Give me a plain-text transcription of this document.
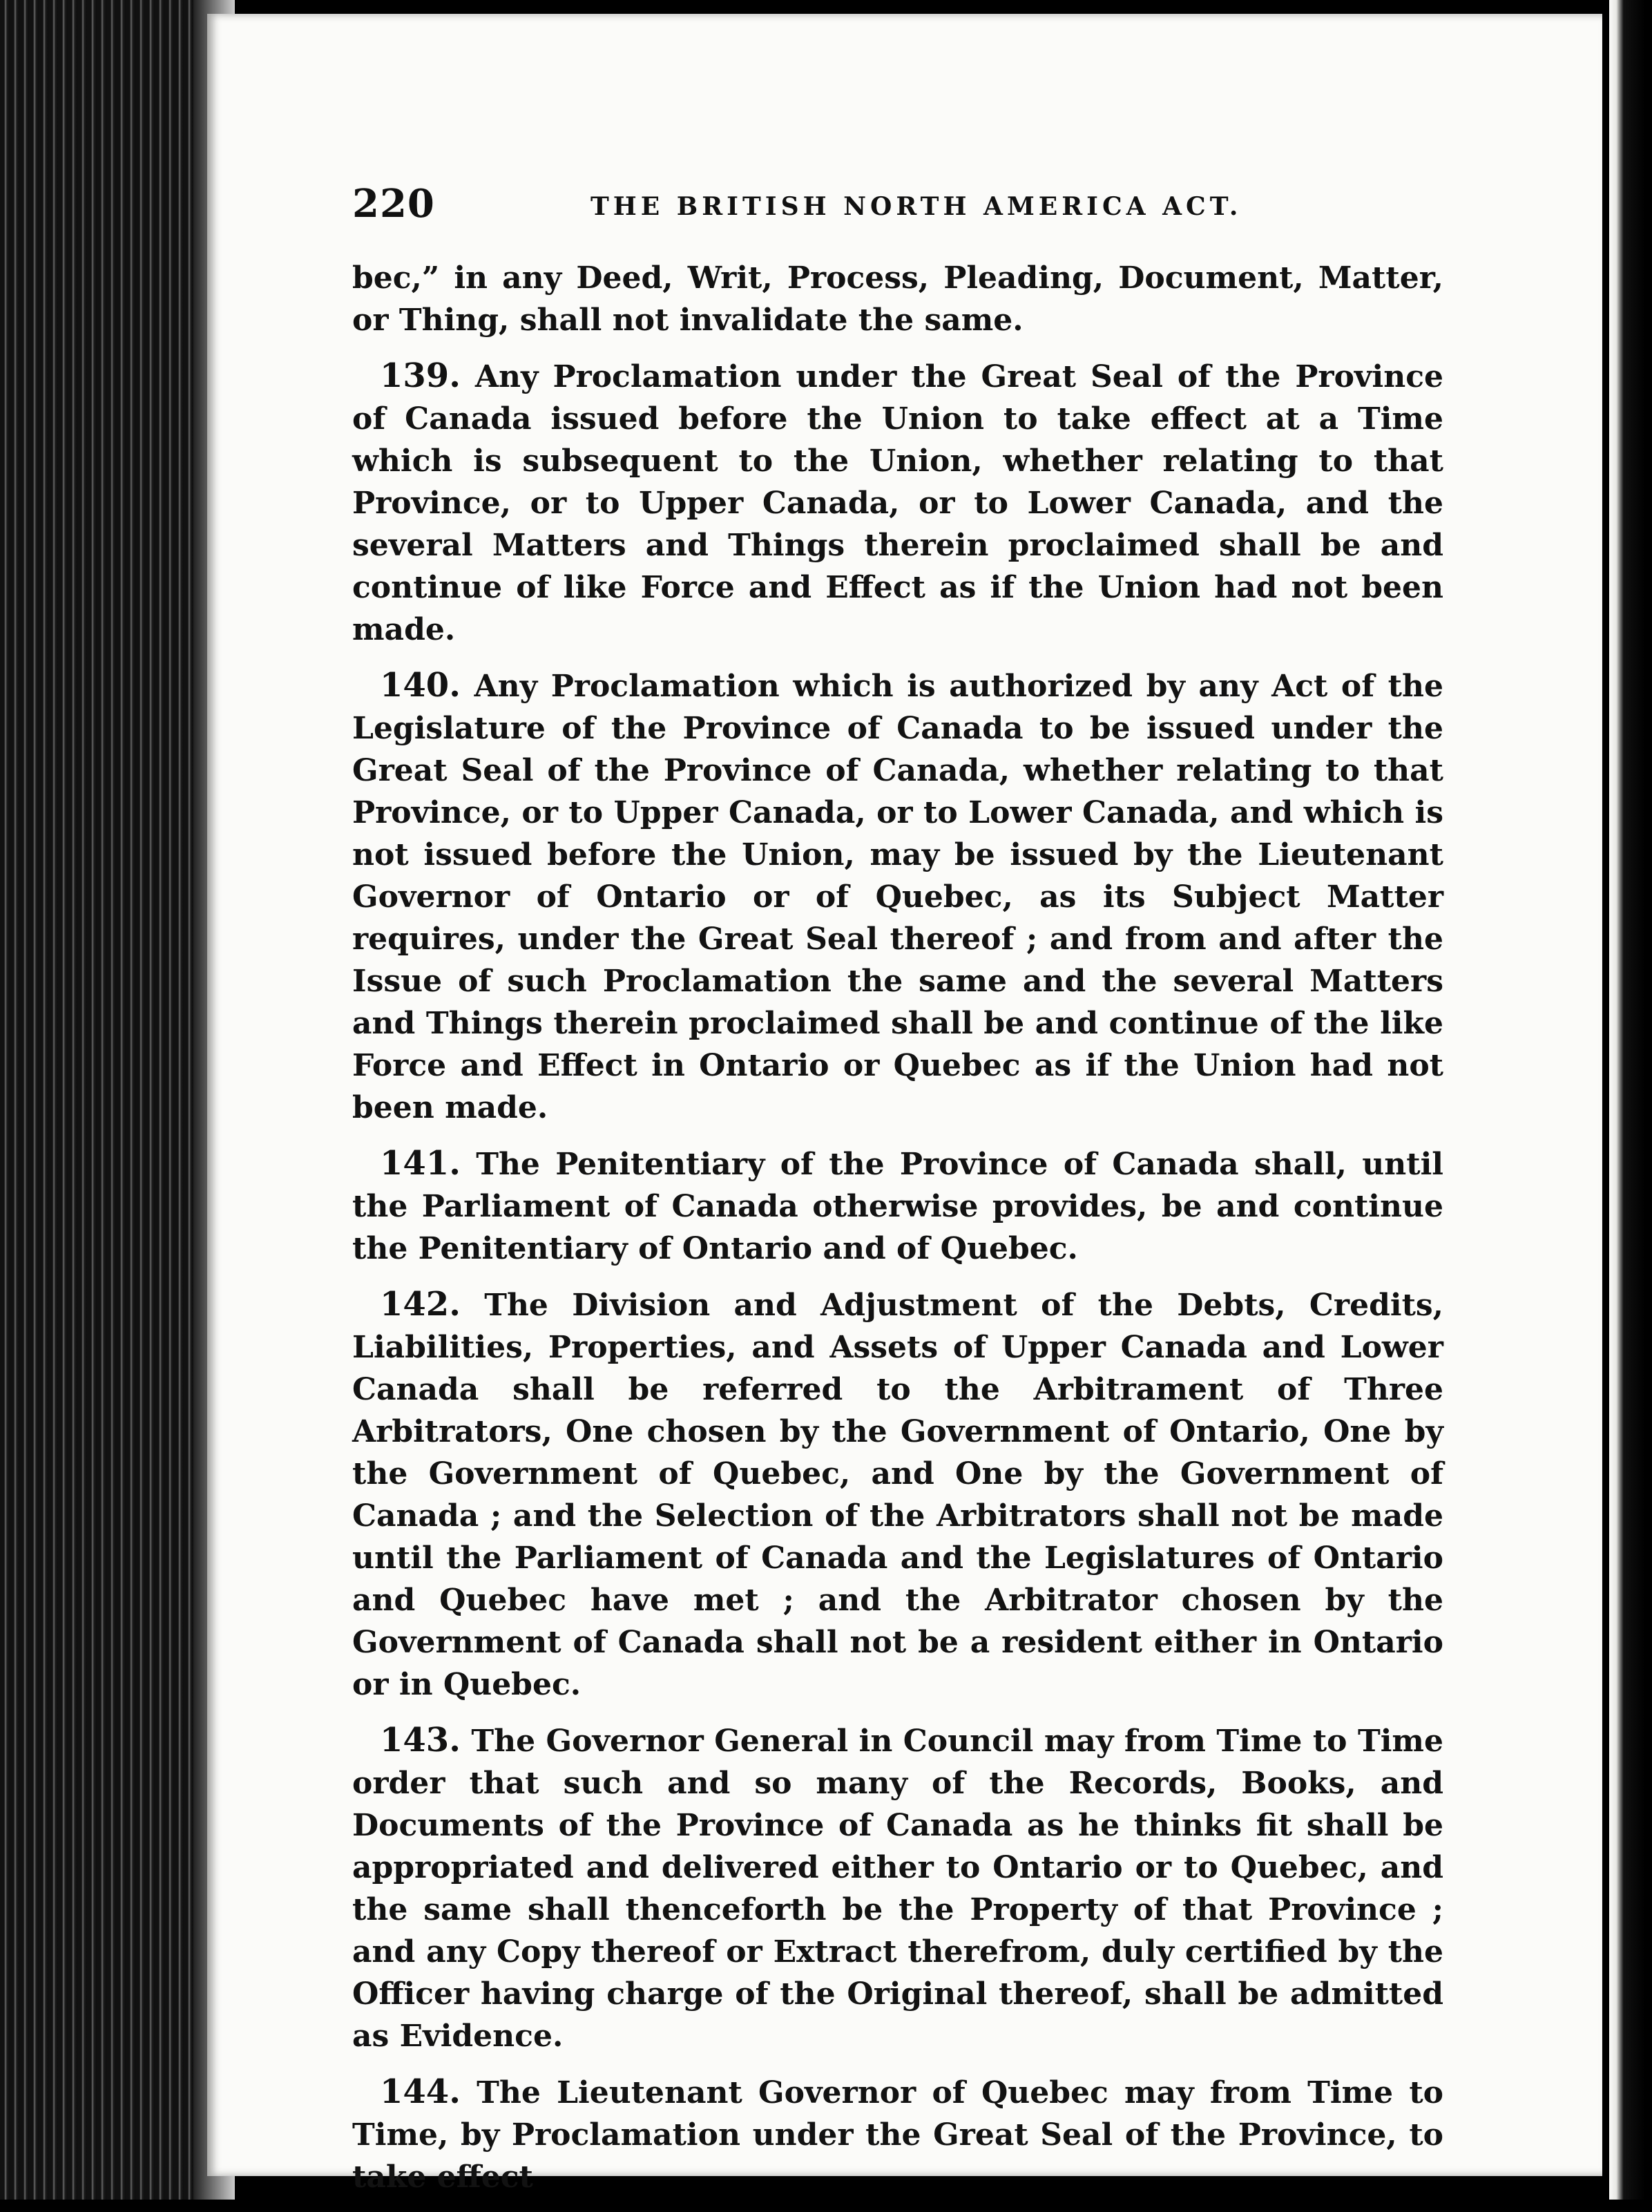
220	THE BRITISH NORTH AMERICA ACT.

bec,” in any Deed, Writ, Process, Pleading, Document, Matter, or Thing, shall not invalidate the same.

139. Any Proclamation under the Great Seal of the Province of Canada issued before the Union to take effect at a Time which is subsequent to the Union, whether relating to that Province, or to Upper Canada, or to Lower Canada, and the several Matters and Things therein proclaimed shall be and continue of like Force and Effect as if the Union had not been made.

140. Any Proclamation which is authorized by any Act of the Legislature of the Province of Canada to be issued under the Great Seal of the Province of Canada, whether relating to that Province, or to Upper Canada, or to Lower Canada, and which is not issued before the Union, may be issued by the Lieutenant Governor of Ontario or of Quebec, as its Subject Matter requires, under the Great Seal thereof ; and from and after the Issue of such Proclamation the same and the several Matters and Things therein proclaimed shall be and continue of the like Force and Effect in Ontario or Quebec as if the Union had not been made.

141. The Penitentiary of the Province of Canada shall, until the Parliament of Canada otherwise provides, be and continue the Penitentiary of Ontario and of Quebec.

142. The Division and Adjustment of the Debts, Credits, Liabilities, Properties, and Assets of Upper Canada and Lower Canada shall be referred to the Arbitrament of Three Arbitrators, One chosen by the Government of Ontario, One by the Government of Quebec, and One by the Government of Canada ; and the Selection of the Arbitrators shall not be made until the Parliament of Canada and the Legislatures of Ontario and Quebec have met ; and the Arbitrator chosen by the Government of Canada shall not be a resident either in Ontario or in Quebec.

143. The Governor General in Council may from Time to Time order that such and so many of the Records, Books, and Documents of the Province of Canada as he thinks fit shall be appropriated and delivered either to Ontario or to Quebec, and the same shall thenceforth be the Property of that Province ; and any Copy thereof or Extract therefrom, duly certified by the Officer having charge of the Original thereof, shall be admitted as Evidence.

144. The Lieutenant Governor of Quebec may from Time to Time, by Proclamation under the Great Seal of the Province, to take effect
